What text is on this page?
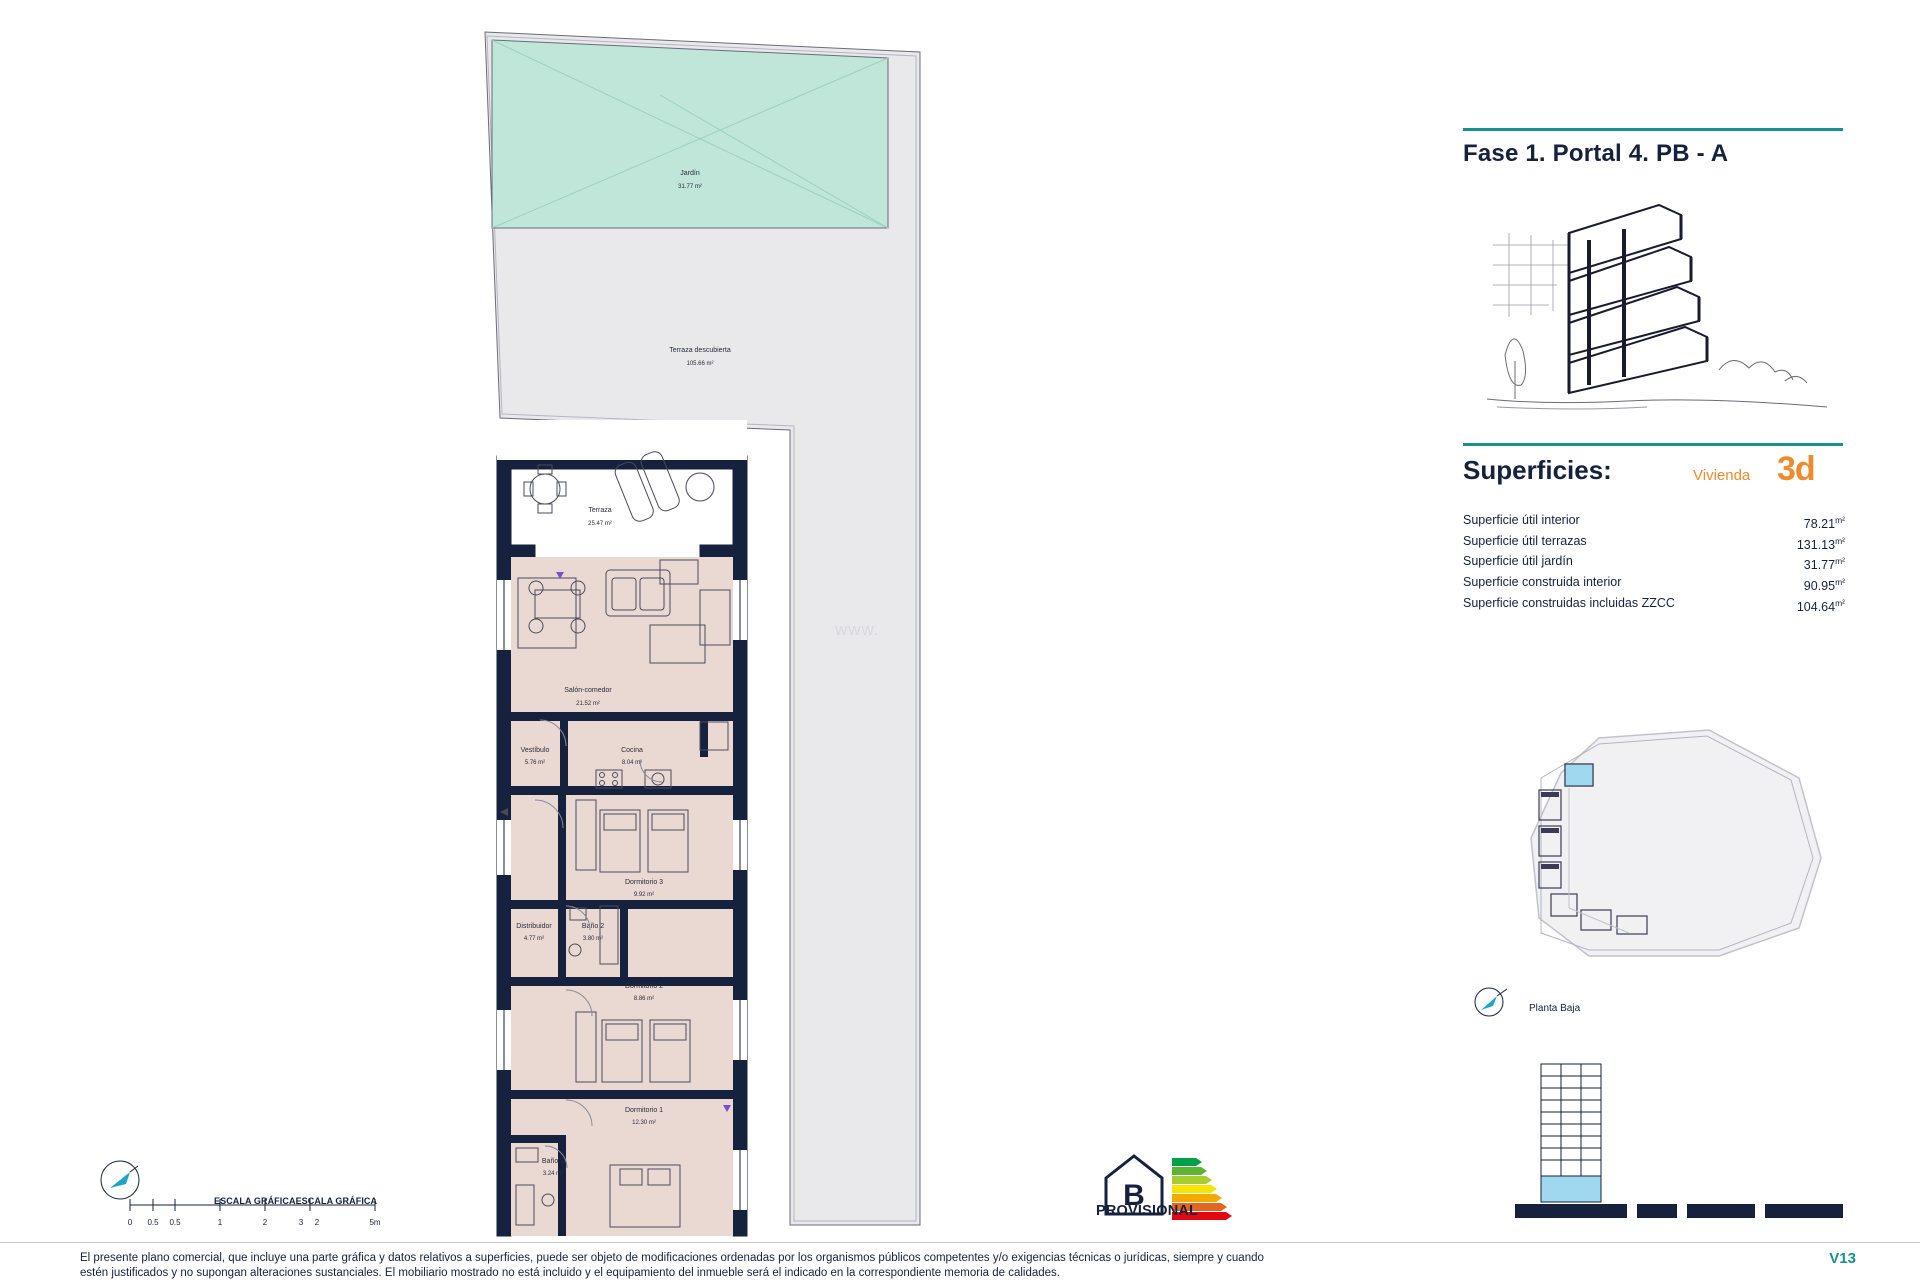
Jardín
31.77 m²
Terraza descubierta
105.66 m²
Terraza
25.47 m²
Salón-comedor
21.52 m²
Vestíbulo
5.76 m²
Cocina
8.04 m²
Dormitorio 3
9.92 m²
Distribuidor
4.77 m²
Baño 2
3.80 m²
Dormitorio 2
8.86 m²
Dormitorio 1
12.30 m²
Baño 1
3.24 m²
www.
0 0.5 0.5	1	2	3 2	5m
ESCALA GRÁFICAESCALA GRÁFICA	B
PROVISIONAL
Fase 1. Portal 4. PB - A
Superficies:	Vivienda 3d
Superficie útil interior	$78.21^{m^2}$
Superficie útil terrazas	$131.13^{m^2}$
Superficie útil jardín	$31.77^{m^2}$
Superficie construida interior	$90.95^{m^2}$
Superficie construidas incluidas ZZCC	$104.64^{m^2}$
Planta Baja
El presente plano comercial, que incluye una parte gráfica y datos relativos a superficies, puede ser objeto de modificaciones ordenadas por los organismos públicos competentes y/o exigencias técnicas o jurídicas, siempre y cuando
estén justificados y no supongan alteraciones sustanciales. El mobiliario mostrado no está incluido y el equipamiento del inmueble será el indicado en la correspondiente memoria de calidades.
V13
